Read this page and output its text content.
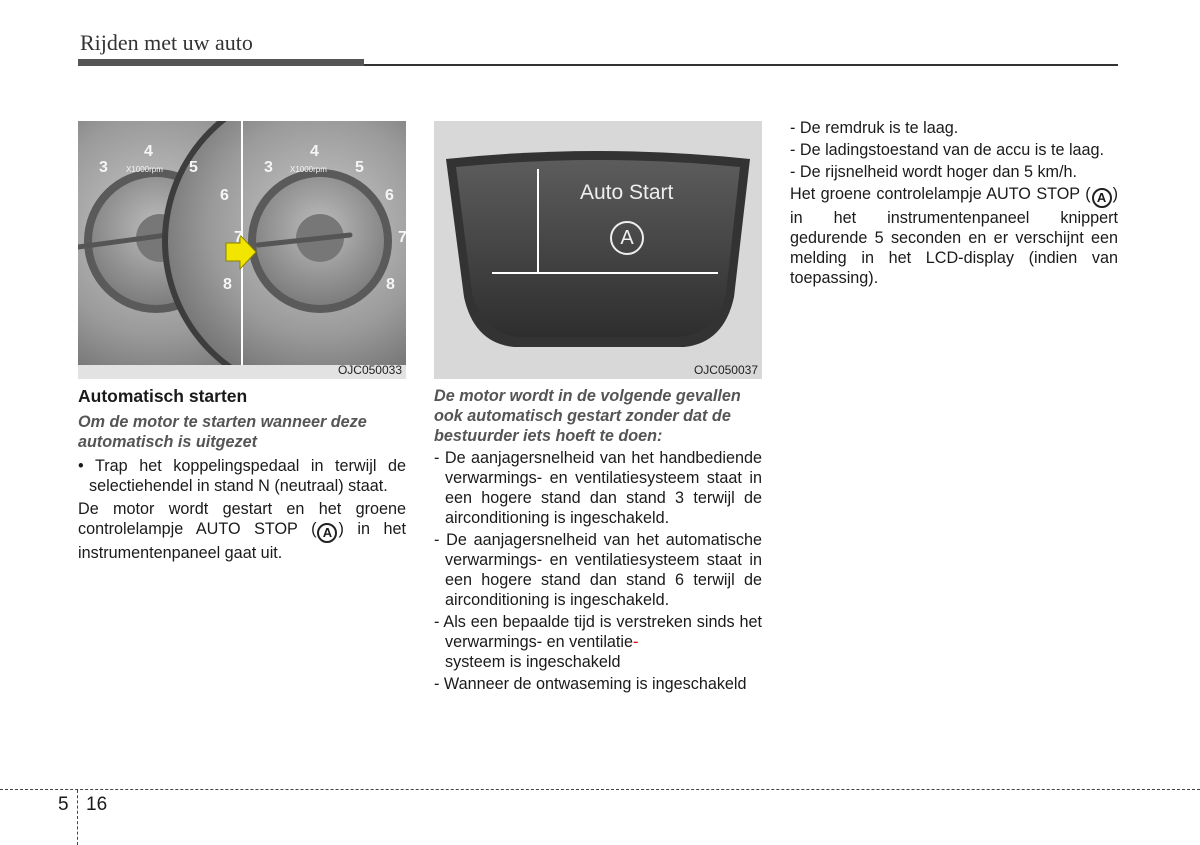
Rijden met uw auto
3
4
5
6
7
8
X1000rpm	3
4
5
6
7
8
X1000rpm
OJC050033
Auto Start
A
OJC050037
Automatisch starten

Om de motor te starten wanneer deze automatisch is uitgezet

• Trap het koppelingspedaal in terwijl de selectiehendel in stand N (neutraal) staat.

De motor wordt gestart en het groene controlelampje AUTO STOP ( A ) in het instrumentenpaneel gaat uit.

De motor wordt in de volgende gevallen ook automatisch gestart zonder dat de bestuurder iets hoeft te doen:

- De aanjagersnelheid van het handbediende verwarmings- en ventilatiesysteem staat in een hogere stand dan stand 3 terwijl de airconditioning is ingeschakeld.

- De aanjagersnelheid van het automatische verwarmings- en ventilatiesysteem staat in een hogere stand dan stand 6 terwijl de airconditioning is ingeschakeld.

- Als een bepaalde tijd is verstreken sinds het verwarmings- en ventilatie-
systeem is ingeschakeld

- Wanneer de ontwaseming is ingeschakeld

- De remdruk is te laag.

- De ladingstoestand van de accu is te laag.

- De rijsnelheid wordt hoger dan 5 km/h.

Het groene controlelampje AUTO STOP ( A ) in het instrumentenpaneel knippert gedurende 5 seconden en er verschijnt een melding in het LCD-display (indien van toepassing).

5 16
